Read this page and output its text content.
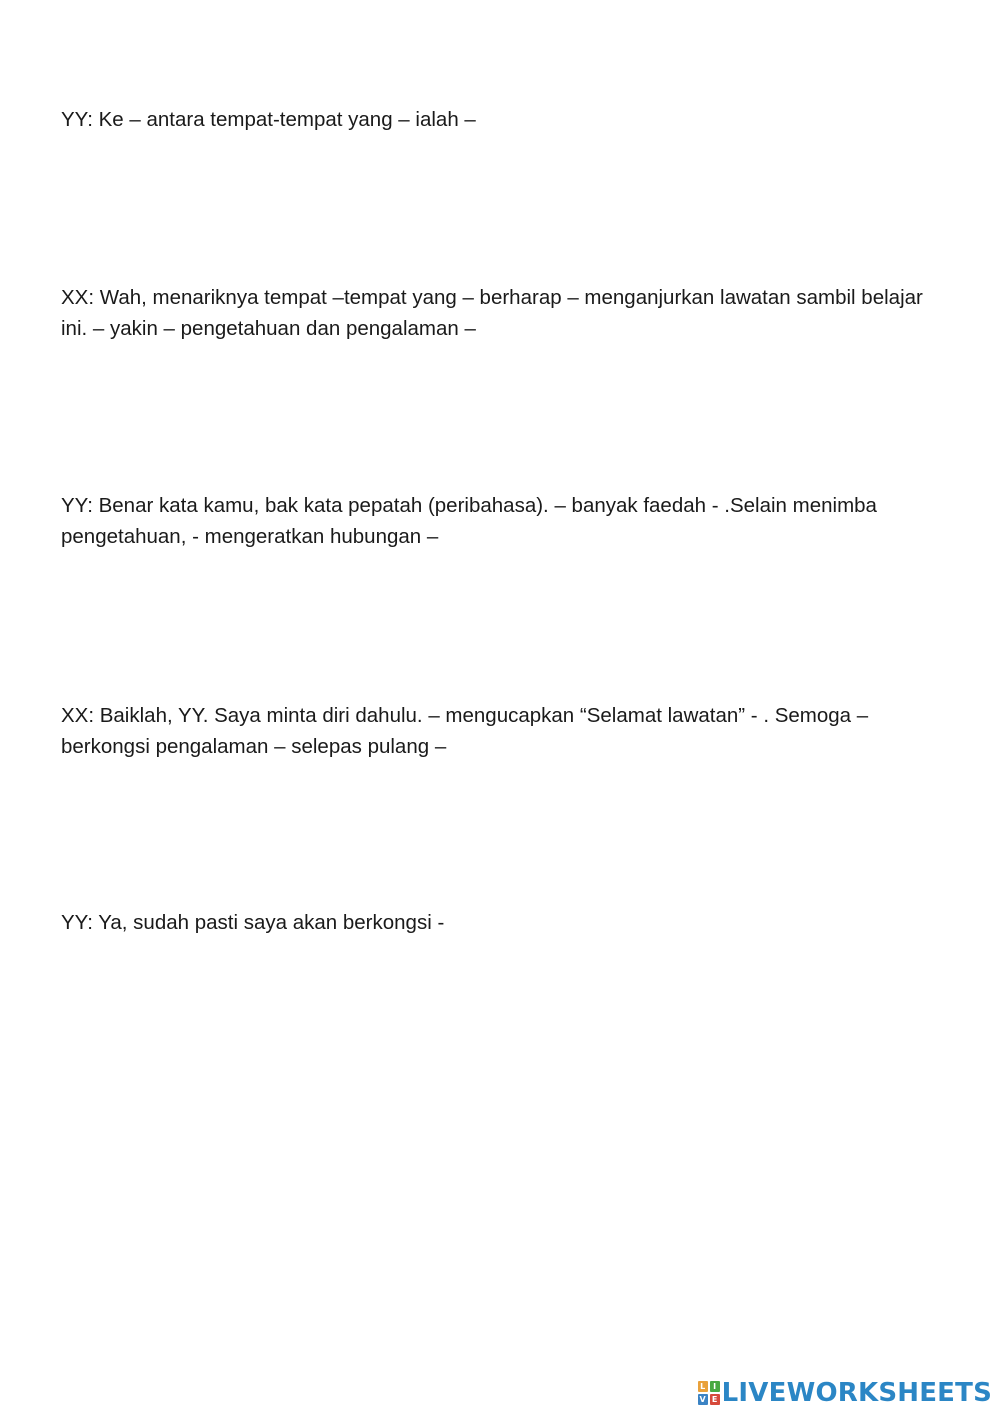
YY: Ke – antara tempat-tempat yang – ialah –

XX: Wah, menariknya tempat –tempat yang – berharap – menganjurkan lawatan sambil belajar ini. – yakin – pengetahuan dan pengalaman –

YY: Benar kata kamu, bak kata pepatah (peribahasa). – banyak faedah - .Selain menimba pengetahuan, - mengeratkan hubungan –

XX: Baiklah, YY. Saya minta diri dahulu. – mengucapkan “Selamat lawatan” - . Semoga – berkongsi pengalaman – selepas pulang –

YY: Ya, sudah pasti saya akan berkongsi -

L I
V E LIVEWORKSHEETS
